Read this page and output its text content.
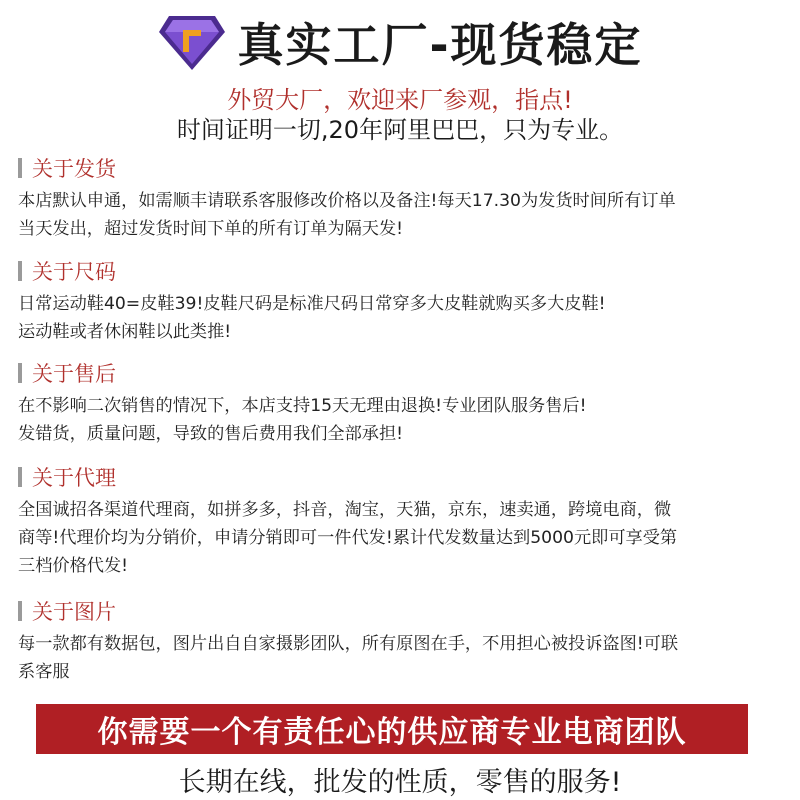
真实工厂-现货稳定
外贸大厂，欢迎来厂参观，指点!
时间证明一切,20年阿里巴巴，只为专业。
关于发货
本店默认申通，如需顺丰请联系客服修改价格以及备注!每天17.30为发货时间所有订单
当天发出，超过发货时间下单的所有订单为隔天发!
关于尺码
日常运动鞋40=皮鞋39!皮鞋尺码是标准尺码日常穿多大皮鞋就购买多大皮鞋!
运动鞋或者休闲鞋以此类推!
关于售后
在不影响二次销售的情况下，本店支持15天无理由退换!专业团队服务售后!
发错货，质量问题，导致的售后费用我们全部承担!
关于代理
全国诚招各渠道代理商，如拼多多，抖音，淘宝，天猫，京东，速卖通，跨境电商，微
商等!代理价均为分销价，申请分销即可一件代发!累计代发数量达到5000元即可享受第
三档价格代发!
关于图片
每一款都有数据包，图片出自自家摄影团队，所有原图在手，不用担心被投诉盗图!可联
系客服
你需要一个有责任心的供应商专业电商团队
长期在线，批发的性质，零售的服务!
